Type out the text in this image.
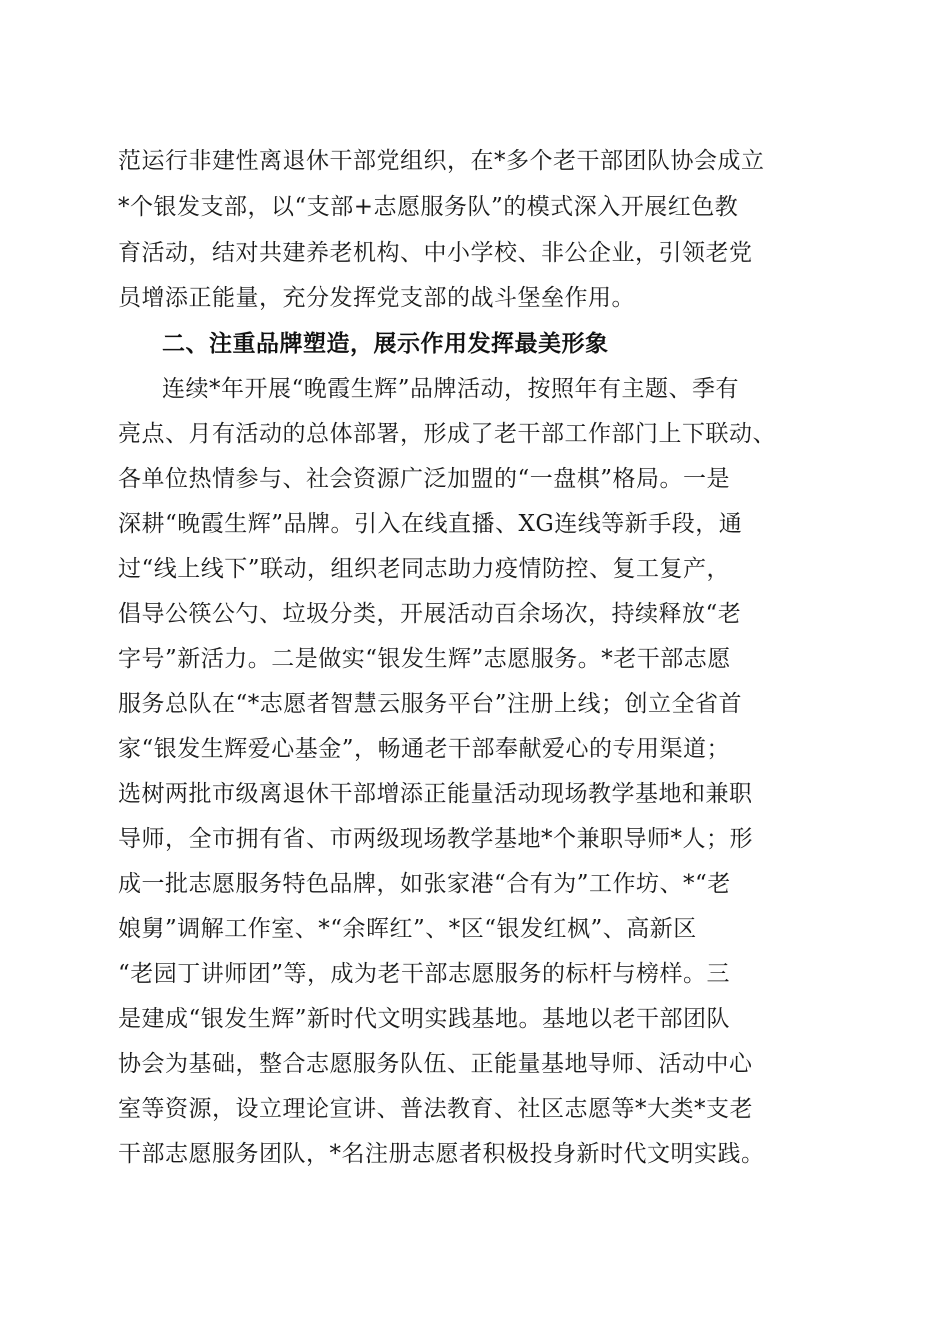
范运行非建性离退休干部党组织，在*多个老干部团队协会成立
*个银发支部，以“支部+志愿服务队”的模式深入开展红色教
育活动，结对共建养老机构、中小学校、非公企业，引领老党
员增添正能量，充分发挥党支部的战斗堡垒作用。
二、注重品牌塑造，展示作用发挥最美形象
连续*年开展“晚霞生辉”品牌活动，按照年有主题、季有
亮点、月有活动的总体部署，形成了老干部工作部门上下联动、
各单位热情参与、社会资源广泛加盟的“一盘棋”格局。一是
深耕“晚霞生辉”品牌。引入在线直播、XG连线等新手段，通
过“线上线下”联动，组织老同志助力疫情防控、复工复产，
倡导公筷公勺、垃圾分类，开展活动百余场次，持续释放“老
字号”新活力。二是做实“银发生辉”志愿服务。*老干部志愿
服务总队在“*志愿者智慧云服务平台”注册上线；创立全省首
家“银发生辉爱心基金”，畅通老干部奉献爱心的专用渠道；
选树两批市级离退休干部增添正能量活动现场教学基地和兼职
导师，全市拥有省、市两级现场教学基地*个兼职导师*人；形
成一批志愿服务特色品牌，如张家港“合有为”工作坊、*“老
娘舅”调解工作室、*“余晖红”、*区“银发红枫”、高新区
“老园丁讲师团”等，成为老干部志愿服务的标杆与榜样。三
是建成“银发生辉”新时代文明实践基地。基地以老干部团队
协会为基础，整合志愿服务队伍、正能量基地导师、活动中心
室等资源，设立理论宣讲、普法教育、社区志愿等*大类*支老
干部志愿服务团队，*名注册志愿者积极投身新时代文明实践。
